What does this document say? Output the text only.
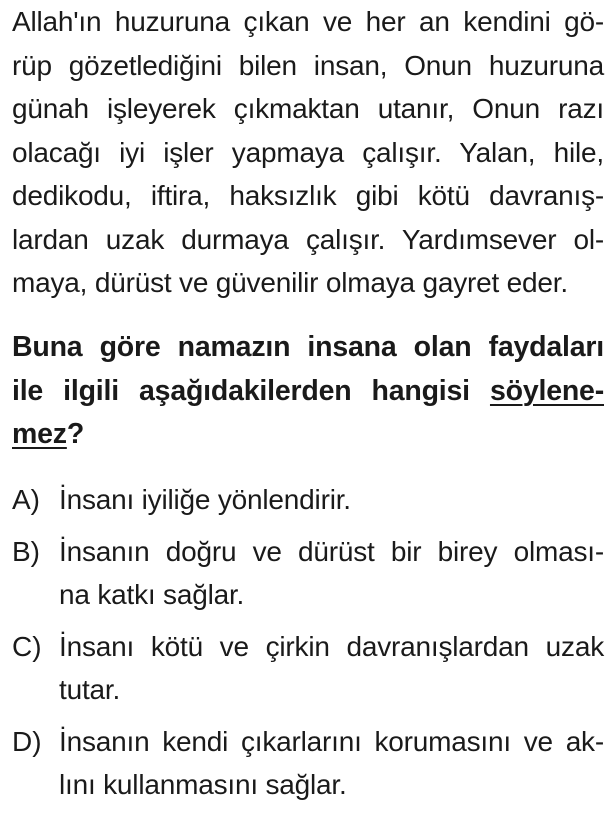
Allah'ın huzuruna çıkan ve her an kendini gö-
rüp gözetlediğini bilen insan, Onun huzuruna
günah işleyerek çıkmaktan utanır, Onun razı
olacağı iyi işler yapmaya çalışır. Yalan, hile,
dedikodu, iftira, haksızlık gibi kötü davranış-
lardan uzak durmaya çalışır. Yardımsever ol-
maya, dürüst ve güvenilir olmaya gayret eder.
Buna göre namazın insana olan faydaları
ile ilgili aşağıdakilerden hangisi söylene-
mez?
A) İnsanı iyiliğe yönlendirir.
B) İnsanın doğru ve dürüst bir birey olması-
na katkı sağlar.
C) İnsanı kötü ve çirkin davranışlardan uzak
tutar.
D) İnsanın kendi çıkarlarını korumasını ve ak-
lını kullanmasını sağlar.
